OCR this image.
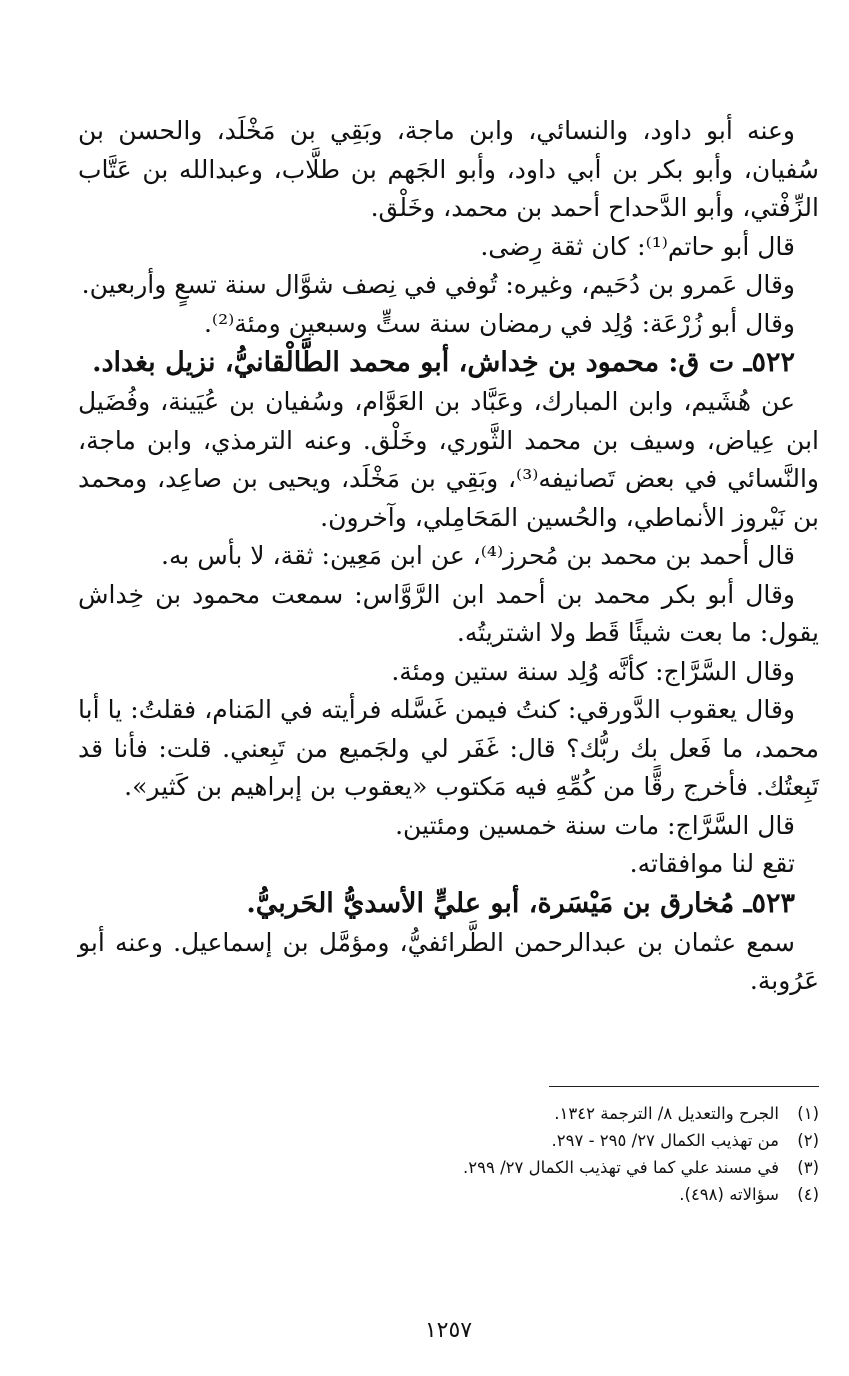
وعنه أبو داود، والنسائي، وابن ماجة، وبَقِي بن مَخْلَد، والحسن بن سُفيان، وأبو بكر بن أبي داود، وأبو الجَهم بن طلَّاب، وعبدالله بن عَتَّاب الزِّفْتي، وأبو الدَّحداح أحمد بن محمد، وخَلْق.

قال أبو حاتم⁽¹⁾: كان ثقة رِضى.

وقال عَمرو بن دُحَيم، وغيره: تُوفي في نِصف شوَّال سنة تسعٍ وأربعين.

وقال أبو زُرْعَة: وُلِد في رمضان سنة ستٍّ وسبعين ومئة⁽²⁾.

٥٢٢ـ ت ق: محمود بن خِداش، أبو محمد الطَّالْقانيُّ، نزيل بغداد.

عن هُشَيم، وابن المبارك، وعَبَّاد بن العَوَّام، وسُفيان بن عُيَينة، وفُضَيل ابن عِياض، وسيف بن محمد الثَّوري، وخَلْق. وعنه الترمذي، وابن ماجة، والنَّسائي في بعض تَصانيفه⁽³⁾، وبَقِي بن مَخْلَد، ويحيى بن صاعِد، ومحمد بن نَيْروز الأنماطي، والحُسين المَحَامِلي، وآخرون.

قال أحمد بن محمد بن مُحرز⁽⁴⁾، عن ابن مَعِين: ثقة، لا بأس به.

وقال أبو بكر محمد بن أحمد ابن الرَّوَّاس: سمعت محمود بن خِداش يقول: ما بعت شيئًا قَط ولا اشتريتُه.

وقال السَّرَّاج: كأنَّه وُلِد سنة ستين ومئة.

وقال يعقوب الدَّورقي: كنتُ فيمن غَسَّله فرأيته في المَنام، فقلتُ: يا أبا محمد، ما فَعل بك ربُّك؟ قال: غَفَر لي ولجَميع من تَبِعني. قلت: فأنا قد تَبِعتُك. فأخرج رقًّا من كُمِّهِ فيه مَكتوب «يعقوب بن إبراهيم بن كَثير».

قال السَّرَّاج: مات سنة خمسين ومئتين.

تقع لنا موافقاته.

٥٢٣ـ مُخارق بن مَيْسَرة، أبو عليٍّ الأسديُّ الحَربيُّ.

سمع عثمان بن عبدالرحمن الطَّرائفيُّ، ومؤمَّل بن إسماعيل. وعنه أبو عَرُوبة.

(١)الجرح والتعديل ٨/ الترجمة ١٣٤٢.

(٢)من تهذيب الكمال ٢٧/ ٢٩٥ - ٢٩٧.

(٣)في مسند علي كما في تهذيب الكمال ٢٧/ ٢٩٩.

(٤)سؤالاته (٤٩٨).

١٢٥٧
